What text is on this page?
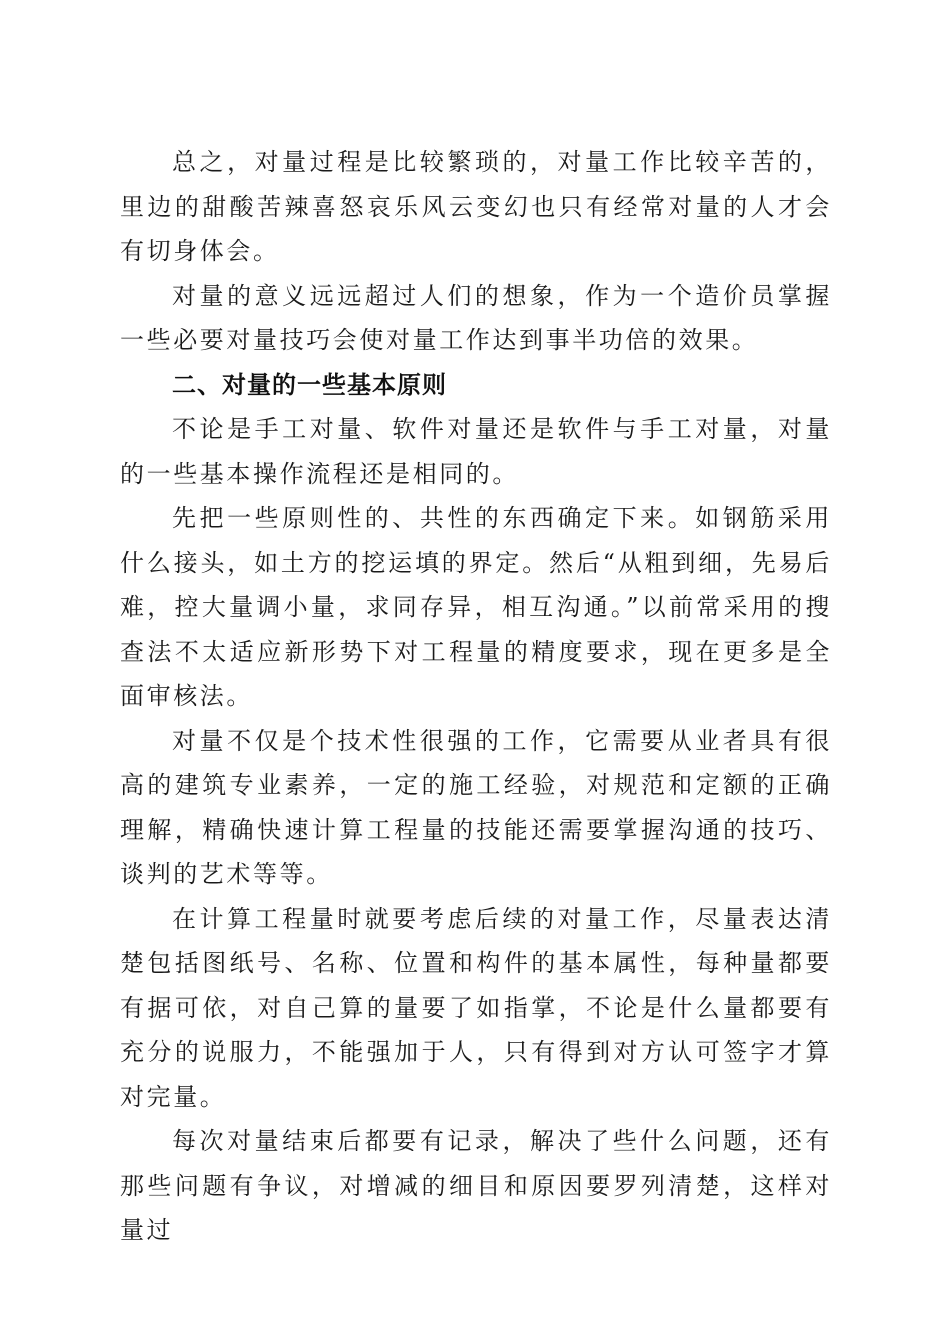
总之，对量过程是比较繁琐的，对量工作比较辛苦的，里边的甜酸苦辣喜怒哀乐风云变幻也只有经常对量的人才会有切身体会。

对量的意义远远超过人们的想象，作为一个造价员掌握一些必要对量技巧会使对量工作达到事半功倍的效果。

二、对量的一些基本原则

不论是手工对量、软件对量还是软件与手工对量，对量的一些基本操作流程还是相同的。

先把一些原则性的、共性的东西确定下来。如钢筋采用什么接头，如土方的挖运填的界定。然后“从粗到细，先易后难，控大量调小量，求同存异，相互沟通。”以前常采用的搜查法不太适应新形势下对工程量的精度要求，现在更多是全面审核法。

对量不仅是个技术性很强的工作，它需要从业者具有很高的建筑专业素养，一定的施工经验，对规范和定额的正确理解，精确快速计算工程量的技能还需要掌握沟通的技巧、谈判的艺术等等。

在计算工程量时就要考虑后续的对量工作，尽量表达清楚包括图纸号、名称、位置和构件的基本属性，每种量都要有据可依，对自己算的量要了如指掌，不论是什么量都要有充分的说服力，不能强加于人，只有得到对方认可签字才算对完量。

每次对量结束后都要有记录，解决了些什么问题，还有那些问题有争议，对增减的细目和原因要罗列清楚，这样对量过
